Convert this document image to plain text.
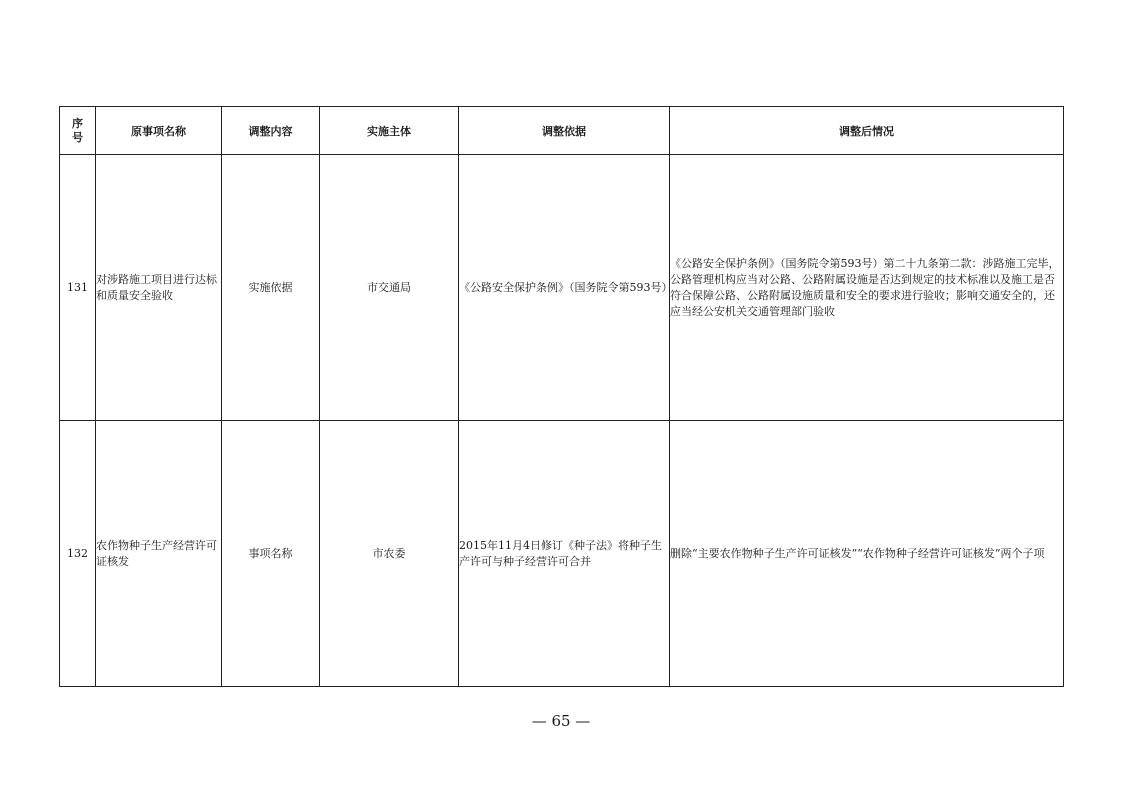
序
号	原事项名称	调整内容	实施主体	调整依据	调整后情况
131	对涉路施工项目进行达标和质量安全验收	实施依据	市交通局	《公路安全保护条例》（国务院令第593号）	《公路安全保护条例》（国务院令第593号）第二十九条第二款：涉路施工完毕，公路管理机构应当对公路、公路附属设施是否达到规定的技术标准以及施工是否符合保障公路、公路附属设施质量和安全的要求进行验收；影响交通安全的，还应当经公安机关交通管理部门验收
132	农作物种子生产经营许可证核发	事项名称	市农委	2015年11月4日修订《种子法》将种子生产许可与种子经营许可合并	删除“主要农作物种子生产许可证核发”“农作物种子经营许可证核发”两个子项
— 65 —
